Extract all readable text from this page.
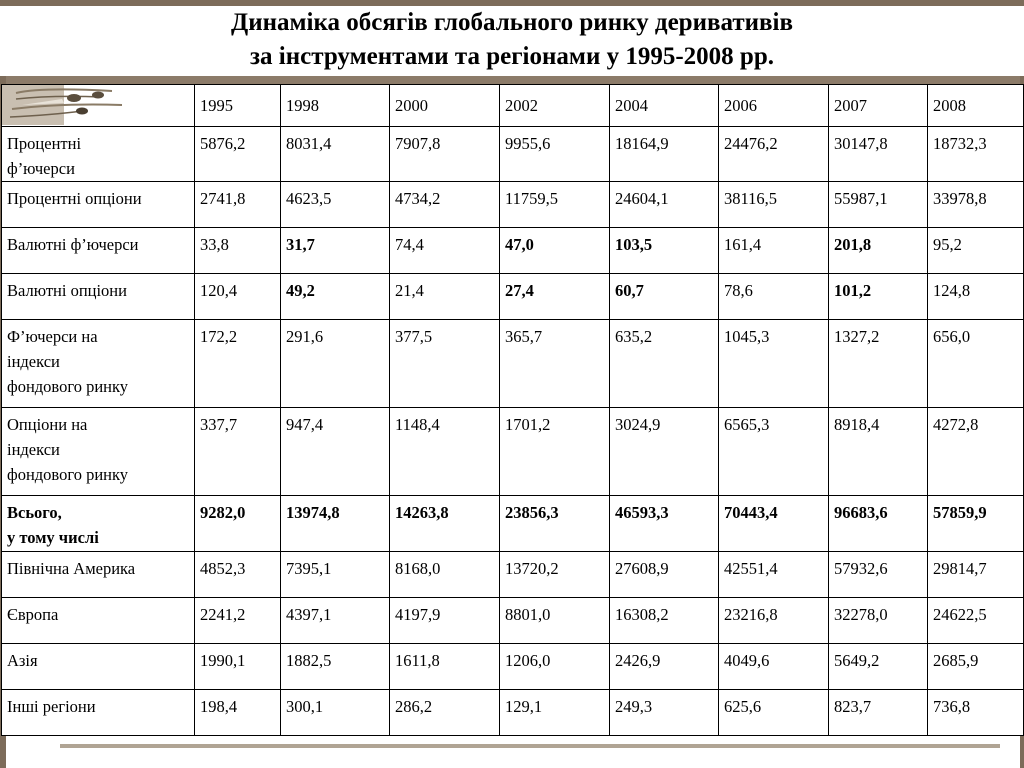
Динаміка обсягів глобального ринку деривативів
за інструментами та регіонами у 1995-2008 рр.
	1995	1998	2000	2002	2004	2006	2007	2008

Процентні
ф’ючерси	5876,2	8031,4	7907,8	9955,6	18164,9	24476,2	30147,8	18732,3

Процентні опціони	2741,8	4623,5	4734,2	11759,5	24604,1	38116,5	55987,1	33978,8

Валютні ф’ючерси	33,8	31,7	74,4	47,0	103,5	161,4	201,8	95,2

Валютні опціони	120,4	49,2	21,4	27,4	60,7	78,6	101,2	124,8

Ф’ючерси на
індекси
фондового ринку	172,2	291,6	377,5	365,7	635,2	1045,3	1327,2	656,0

Опціони на
індекси
фондового ринку	337,7	947,4	1148,4	1701,2	3024,9	6565,3	8918,4	4272,8

Всього,
у тому числі	9282,0	13974,8	14263,8	23856,3	46593,3	70443,4	96683,6	57859,9

Північна Америка	4852,3	7395,1	8168,0	13720,2	27608,9	42551,4	57932,6	29814,7

Європа	2241,2	4397,1	4197,9	8801,0	16308,2	23216,8	32278,0	24622,5

Азія	1990,1	1882,5	1611,8	1206,0	2426,9	4049,6	5649,2	2685,9

Інші регіони	198,4	300,1	286,2	129,1	249,3	625,6	823,7	736,8
